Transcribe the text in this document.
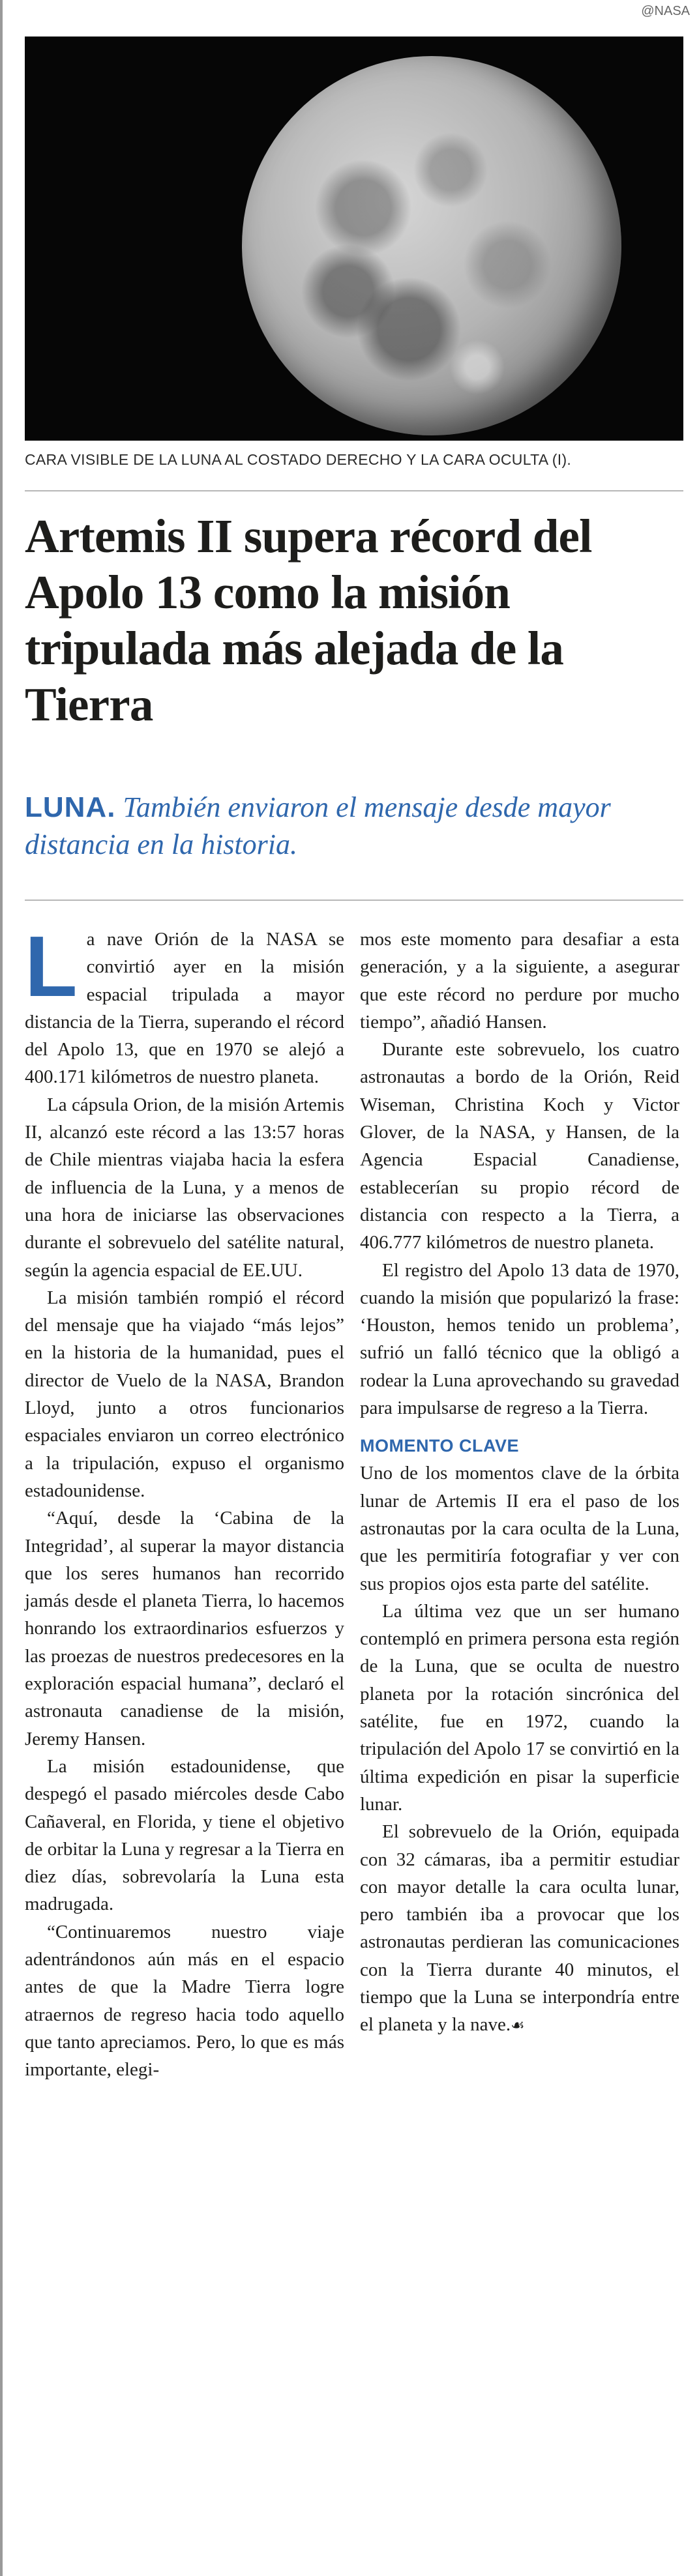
@NASA
CARA VISIBLE DE LA LUNA AL COSTADO DERECHO Y LA CARA OCULTA (I).
Artemis II supera récord del Apolo 13 como la misión tripulada más alejada de la Tierra
LUNA. También enviaron el mensaje desde mayor distancia en la historia.

La nave Orión de la NASA se convirtió ayer en la misión espacial tripulada a mayor distancia de la Tierra, superando el récord del Apolo 13, que en 1970 se alejó a 400.171 kilómetros de nuestro planeta.

La cápsula Orion, de la misión Artemis II, alcanzó este récord a las 13:57 horas de Chile mientras viajaba hacia la esfera de influencia de la Luna, y a menos de una hora de iniciarse las observaciones durante el sobrevuelo del satélite natural, según la agencia espacial de EE.UU.

La misión también rompió el récord del mensaje que ha viajado “más lejos” en la historia de la humanidad, pues el director de Vuelo de la NASA, Brandon Lloyd, junto a otros funcionarios espaciales enviaron un correo electrónico a la tripulación, expuso el organismo estadounidense.

“Aquí, desde la ‘Cabina de la Integridad’, al superar la mayor distancia que los seres humanos han recorrido jamás desde el planeta Tierra, lo hacemos honrando los extraordinarios esfuerzos y las proezas de nuestros predecesores en la exploración espacial humana”, declaró el astronauta canadiense de la misión, Jeremy Hansen.

La misión estadounidense, que despegó el pasado miércoles desde Cabo Cañaveral, en Florida, y tiene el objetivo de orbitar la Luna y regresar a la Tierra en diez días, sobrevolaría la Luna esta madrugada.

“Continuaremos nuestro viaje adentrándonos aún más en el espacio antes de que la Madre Tierra logre atraernos de regreso hacia todo aquello que tanto apreciamos. Pero, lo que es más importante, elegi-

mos este momento para desafiar a esta generación, y a la siguiente, a asegurar que este récord no perdure por mucho tiempo”, añadió Hansen.

Durante este sobrevuelo, los cuatro astronautas a bordo de la Orión, Reid Wiseman, Christina Koch y Victor Glover, de la NASA, y Hansen, de la Agencia Espacial Canadiense, establecerían su propio récord de distancia con respecto a la Tierra, a 406.777 kilómetros de nuestro planeta.

El registro del Apolo 13 data de 1970, cuando la misión que popularizó la frase: ‘Houston, hemos tenido un problema’, sufrió un falló técnico que la obligó a rodear la Luna aprovechando su gravedad para impulsarse de regreso a la Tierra.

MOMENTO CLAVE

Uno de los momentos clave de la órbita lunar de Artemis II era el paso de los astronautas por la cara oculta de la Luna, que les permitiría fotografiar y ver con sus propios ojos esta parte del satélite.

La última vez que un ser humano contempló en primera persona esta región de la Luna, que se oculta de nuestro planeta por la rotación sincrónica del satélite, fue en 1972, cuando la tripulación del Apolo 17 se convirtió en la última expedición en pisar la superficie lunar.

El sobrevuelo de la Orión, equipada con 32 cámaras, iba a permitir estudiar con mayor detalle la cara oculta lunar, pero también iba a provocar que los astronautas perdieran las comunicaciones con la Tierra durante 40 minutos, el tiempo que la Luna se interpondría entre el planeta y la nave.☙
